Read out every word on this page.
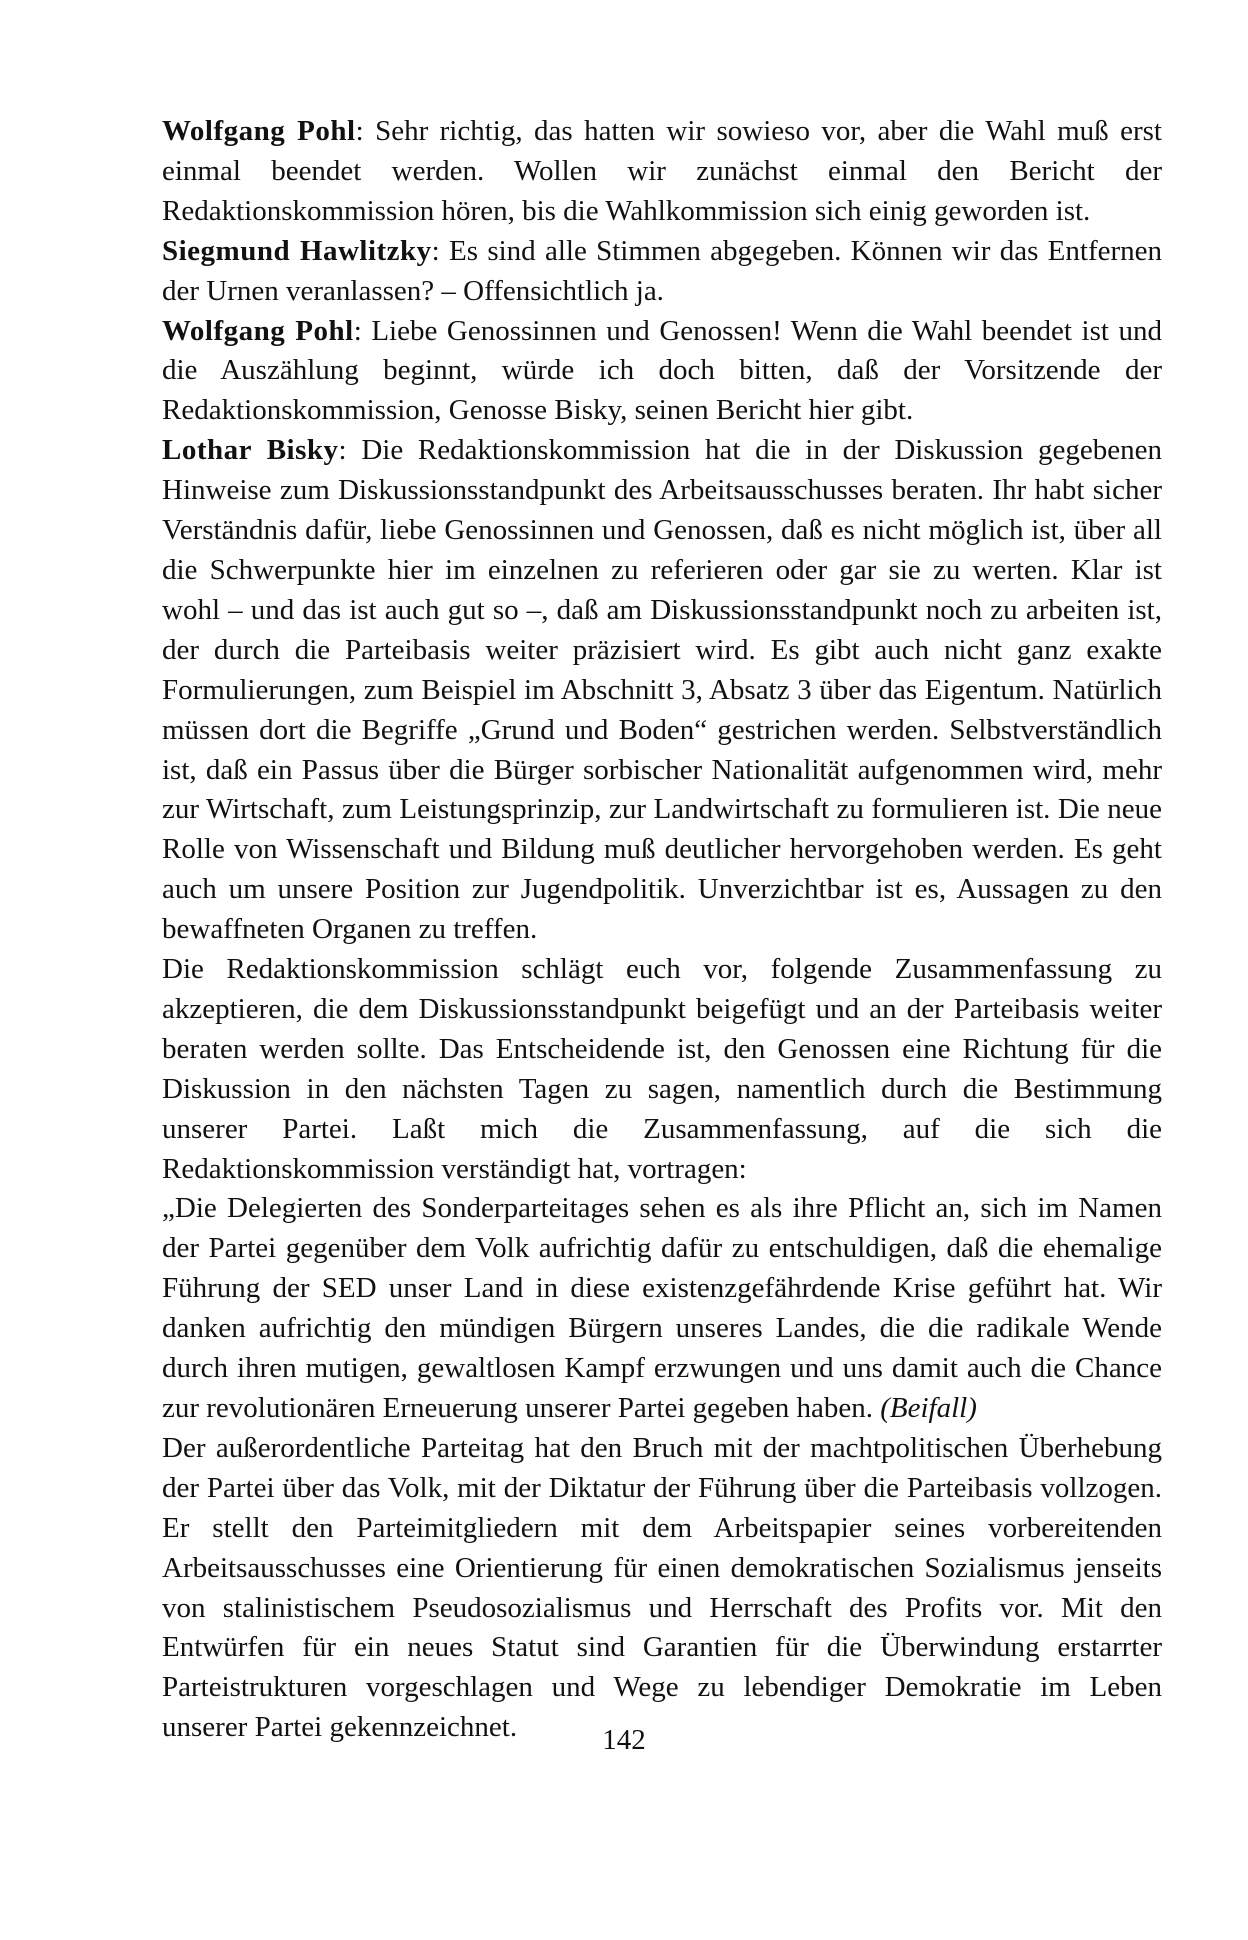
Wolfgang Pohl: Sehr richtig, das hatten wir sowieso vor, aber die Wahl muß erst einmal beendet werden. Wollen wir zunächst einmal den Bericht der Redaktionskommission hören, bis die Wahlkommission sich einig geworden ist.

Siegmund Hawlitzky: Es sind alle Stimmen abgegeben. Können wir das Entfernen der Urnen veranlassen? – Offensichtlich ja.

Wolfgang Pohl: Liebe Genossinnen und Genossen! Wenn die Wahl beendet ist und die Auszählung beginnt, würde ich doch bitten, daß der Vorsitzende der Redaktionskommission, Genosse Bisky, seinen Bericht hier gibt.

Lothar Bisky: Die Redaktionskommission hat die in der Diskussion gegebenen Hinweise zum Diskussionsstandpunkt des Arbeitsausschusses beraten. Ihr habt sicher Verständnis dafür, liebe Genossinnen und Genossen, daß es nicht möglich ist, über all die Schwerpunkte hier im einzelnen zu referieren oder gar sie zu werten. Klar ist wohl – und das ist auch gut so –, daß am Diskussionsstandpunkt noch zu arbeiten ist, der durch die Parteibasis weiter präzisiert wird. Es gibt auch nicht ganz exakte Formulierungen, zum Beispiel im Abschnitt 3, Absatz 3 über das Eigentum. Natürlich müssen dort die Begriffe „Grund und Boden“ gestrichen werden. Selbstverständlich ist, daß ein Passus über die Bürger sorbischer Nationalität aufgenommen wird, mehr zur Wirtschaft, zum Leistungsprinzip, zur Landwirtschaft zu formulieren ist. Die neue Rolle von Wissenschaft und Bildung muß deutlicher hervorgehoben werden. Es geht auch um unsere Position zur Jugendpolitik. Unverzichtbar ist es, Aussagen zu den bewaffneten Organen zu treffen.

Die Redaktionskommission schlägt euch vor, folgende Zusammenfassung zu akzeptieren, die dem Diskussionsstandpunkt beigefügt und an der Parteibasis weiter beraten werden sollte. Das Entscheidende ist, den Genossen eine Richtung für die Diskussion in den nächsten Tagen zu sagen, namentlich durch die Bestimmung unserer Partei. Laßt mich die Zusammenfassung, auf die sich die Redaktionskommission verständigt hat, vortragen:

„Die Delegierten des Sonderparteitages sehen es als ihre Pflicht an, sich im Namen der Partei gegenüber dem Volk aufrichtig dafür zu entschuldigen, daß die ehemalige Führung der SED unser Land in diese existenzgefährdende Krise geführt hat. Wir danken aufrichtig den mündigen Bürgern unseres Landes, die die radikale Wende durch ihren mutigen, gewaltlosen Kampf erzwungen und uns damit auch die Chance zur revolutionären Erneuerung unserer Partei gegeben haben. (Beifall)

Der außerordentliche Parteitag hat den Bruch mit der machtpolitischen Überhebung der Partei über das Volk, mit der Diktatur der Führung über die Parteibasis vollzogen. Er stellt den Parteimitgliedern mit dem Arbeitspapier seines vorbereitenden Arbeitsausschusses eine Orientierung für einen demokratischen Sozialismus jenseits von stalinistischem Pseudosozialismus und Herrschaft des Profits vor. Mit den Entwürfen für ein neues Statut sind Garantien für die Überwindung erstarrter Parteistrukturen vorgeschlagen und Wege zu lebendiger Demokratie im Leben unserer Partei gekennzeichnet.	142
